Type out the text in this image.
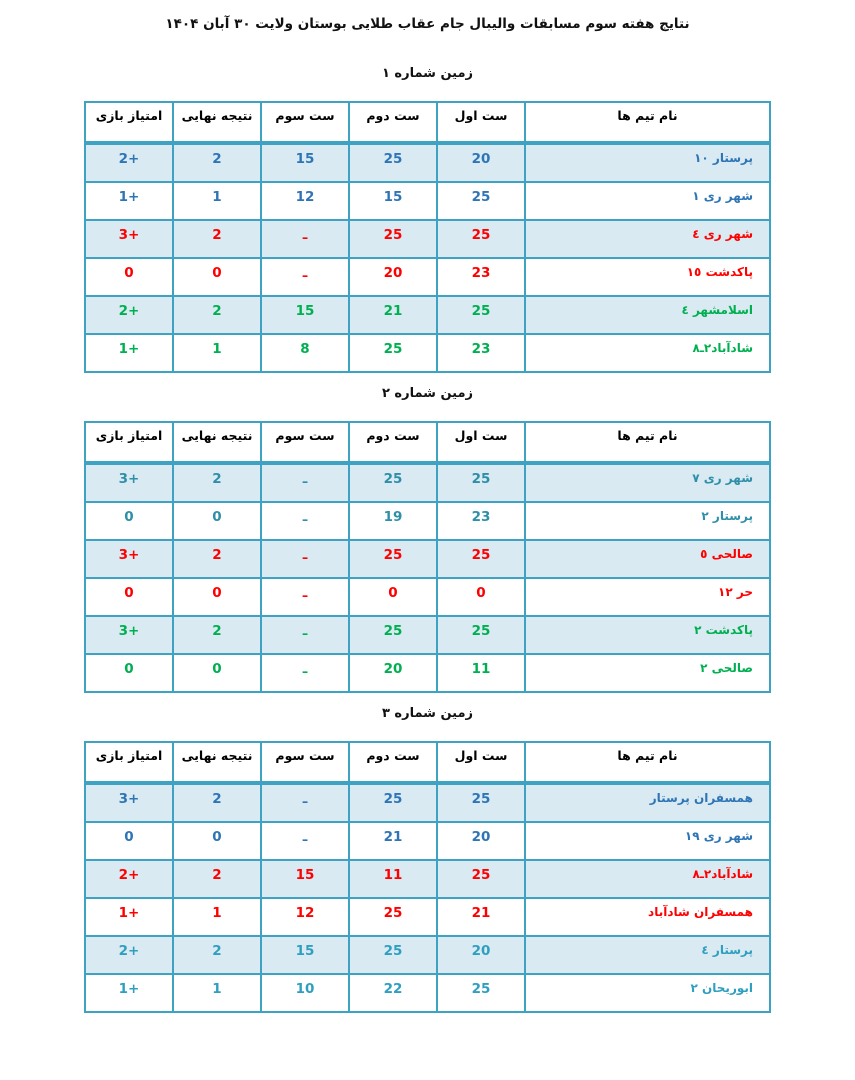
نتایج هفته سوم مسابقات والیبال جام عقاب طلایی بوستان ولایت ۳۰ آبان ۱۴۰۴
زمین شماره ۱
نام تیم ها	ست اول	ست دوم	ست سوم	نتیجه نهایی	امتیاز بازی
پرستار ١٠	20	25	15	2	+2
شهر ری ١	25	15	12	1	+1
شهر ری ٤	25	25	ـ	2	+3
پاکدشت ١٥	23	20	ـ	0	0
اسلامشهر ٤	25	21	15	2	+2
شادآباد٢ـ٨	23	25	8	1	+1
زمین شماره ۲
نام تیم ها	ست اول	ست دوم	ست سوم	نتیجه نهایی	امتیاز بازی
شهر ری ٧	25	25	ـ	2	+3
پرستار ٢	23	19	ـ	0	0
صالحی ٥	25	25	ـ	2	+3
حر ١٢	0	0	ـ	0	0
پاکدشت ٢	25	25	ـ	2	+3
صالحی ٢	11	20	ـ	0	0
زمین شماره ۳
نام تیم ها	ست اول	ست دوم	ست سوم	نتیجه نهایی	امتیاز بازی
همسفران پرستار	25	25	ـ	2	+3
شهر ری ١٩	20	21	ـ	0	0
شادآباد٢ـ٨	25	11	15	2	+2
همسفران شادآباد	21	25	12	1	+1
پرستار ٤	20	25	15	2	+2
ابوریحان ٢	25	22	10	1	+1
